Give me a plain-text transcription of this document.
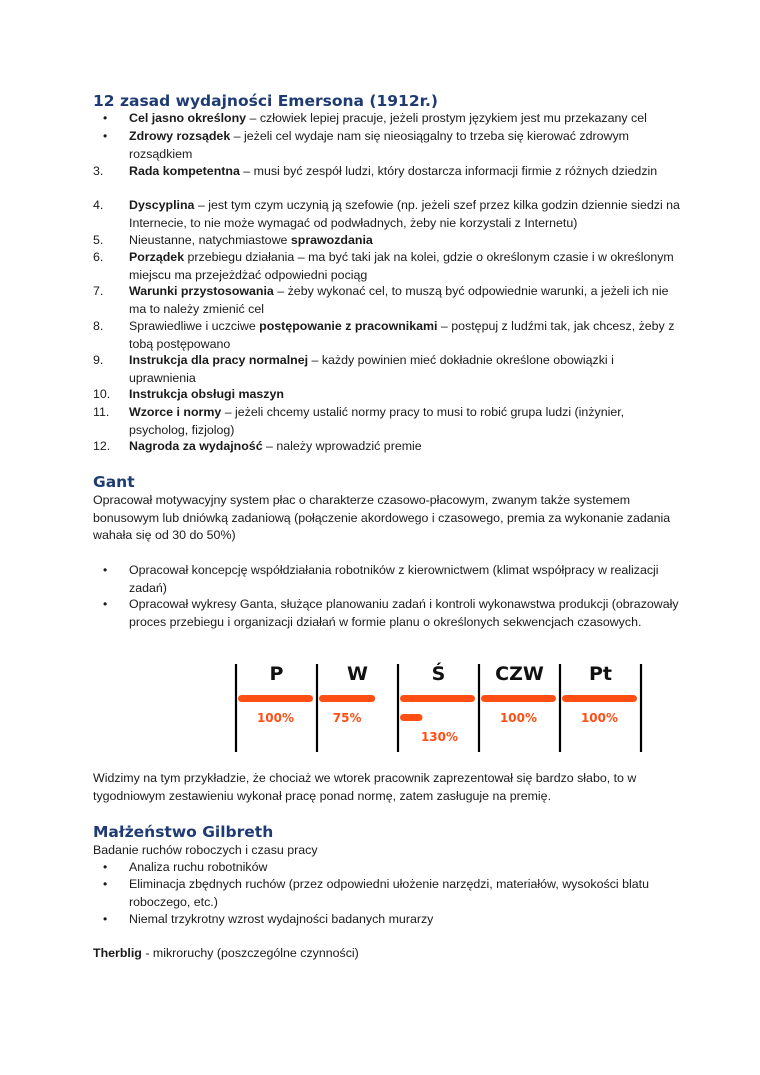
12 zasad wydajności Emersona (1912r.)
•	Cel jasno określony – człowiek lepiej pracuje, jeżeli prostym językiem jest mu przekazany cel
•	Zdrowy rozsądek – jeżeli cel wydaje nam się nieosiągalny to trzeba się kierować zdrowym rozsądkiem
3.	Rada kompetentna – musi być zespół ludzi, który dostarcza informacji firmie z różnych dziedzin
4.	Dyscyplina – jest tym czym uczynią ją szefowie (np. jeżeli szef przez kilka godzin dziennie siedzi na Internecie, to nie może wymagać od podwładnych, żeby nie korzystali z Internetu)
5.	Nieustanne, natychmiastowe sprawozdania
6.	Porządek przebiegu działania – ma być taki jak na kolei, gdzie o określonym czasie i w określonym miejscu ma przejeżdżać odpowiedni pociąg
7.	Warunki przystosowania – żeby wykonać cel, to muszą być odpowiednie warunki, a jeżeli ich nie ma to należy zmienić cel
8.	Sprawiedliwe i uczciwe postępowanie z pracownikami – postępuj z ludźmi tak, jak chcesz, żeby z tobą postępowano
9.	Instrukcja dla pracy normalnej – każdy powinien mieć dokładnie określone obowiązki i uprawnienia
10.	Instrukcja obsługi maszyn
11.	Wzorce i normy – jeżeli chcemy ustalić normy pracy to musi to robić grupa ludzi (inżynier, psycholog, fizjolog)
12.	Nagroda za wydajność – należy wprowadzić premie
Gant

Opracował motywacyjny system płac o charakterze czasowo-płacowym, zwanym także systemem bonusowym lub dniówką zadaniową (połączenie akordowego i czasowego, premia za wykonanie zadania wahała się od 30 do 50%)

•	Opracował koncepcję współdziałania robotników z kierownictwem (klimat współpracy w realizacji zadań)
•	Opracował wykresy Ganta, służące planowaniu zadań i kontroli wykonawstwa produkcji (obrazowały proces przebiegu i organizacji działań w formie planu o określonych sekwencjach czasowych.
P
100%
W
75%
Ś
130%
CZW
100%
Pt
100%

Widzimy na tym przykładzie, że chociaż we wtorek pracownik zaprezentował się bardzo słabo, to w tygodniowym zestawieniu wykonał pracę ponad normę, zatem zasługuje na premię.

Małżeństwo Gilbreth

Badanie ruchów roboczych i czasu pracy

•	Analiza ruchu robotników
•	Eliminacja zbędnych ruchów (przez odpowiedni ułożenie narzędzi, materiałów, wysokości blatu roboczego, etc.)
•	Niemal trzykrotny wzrost wydajności badanych murarzy

Therblig - mikroruchy (poszczególne czynności)
